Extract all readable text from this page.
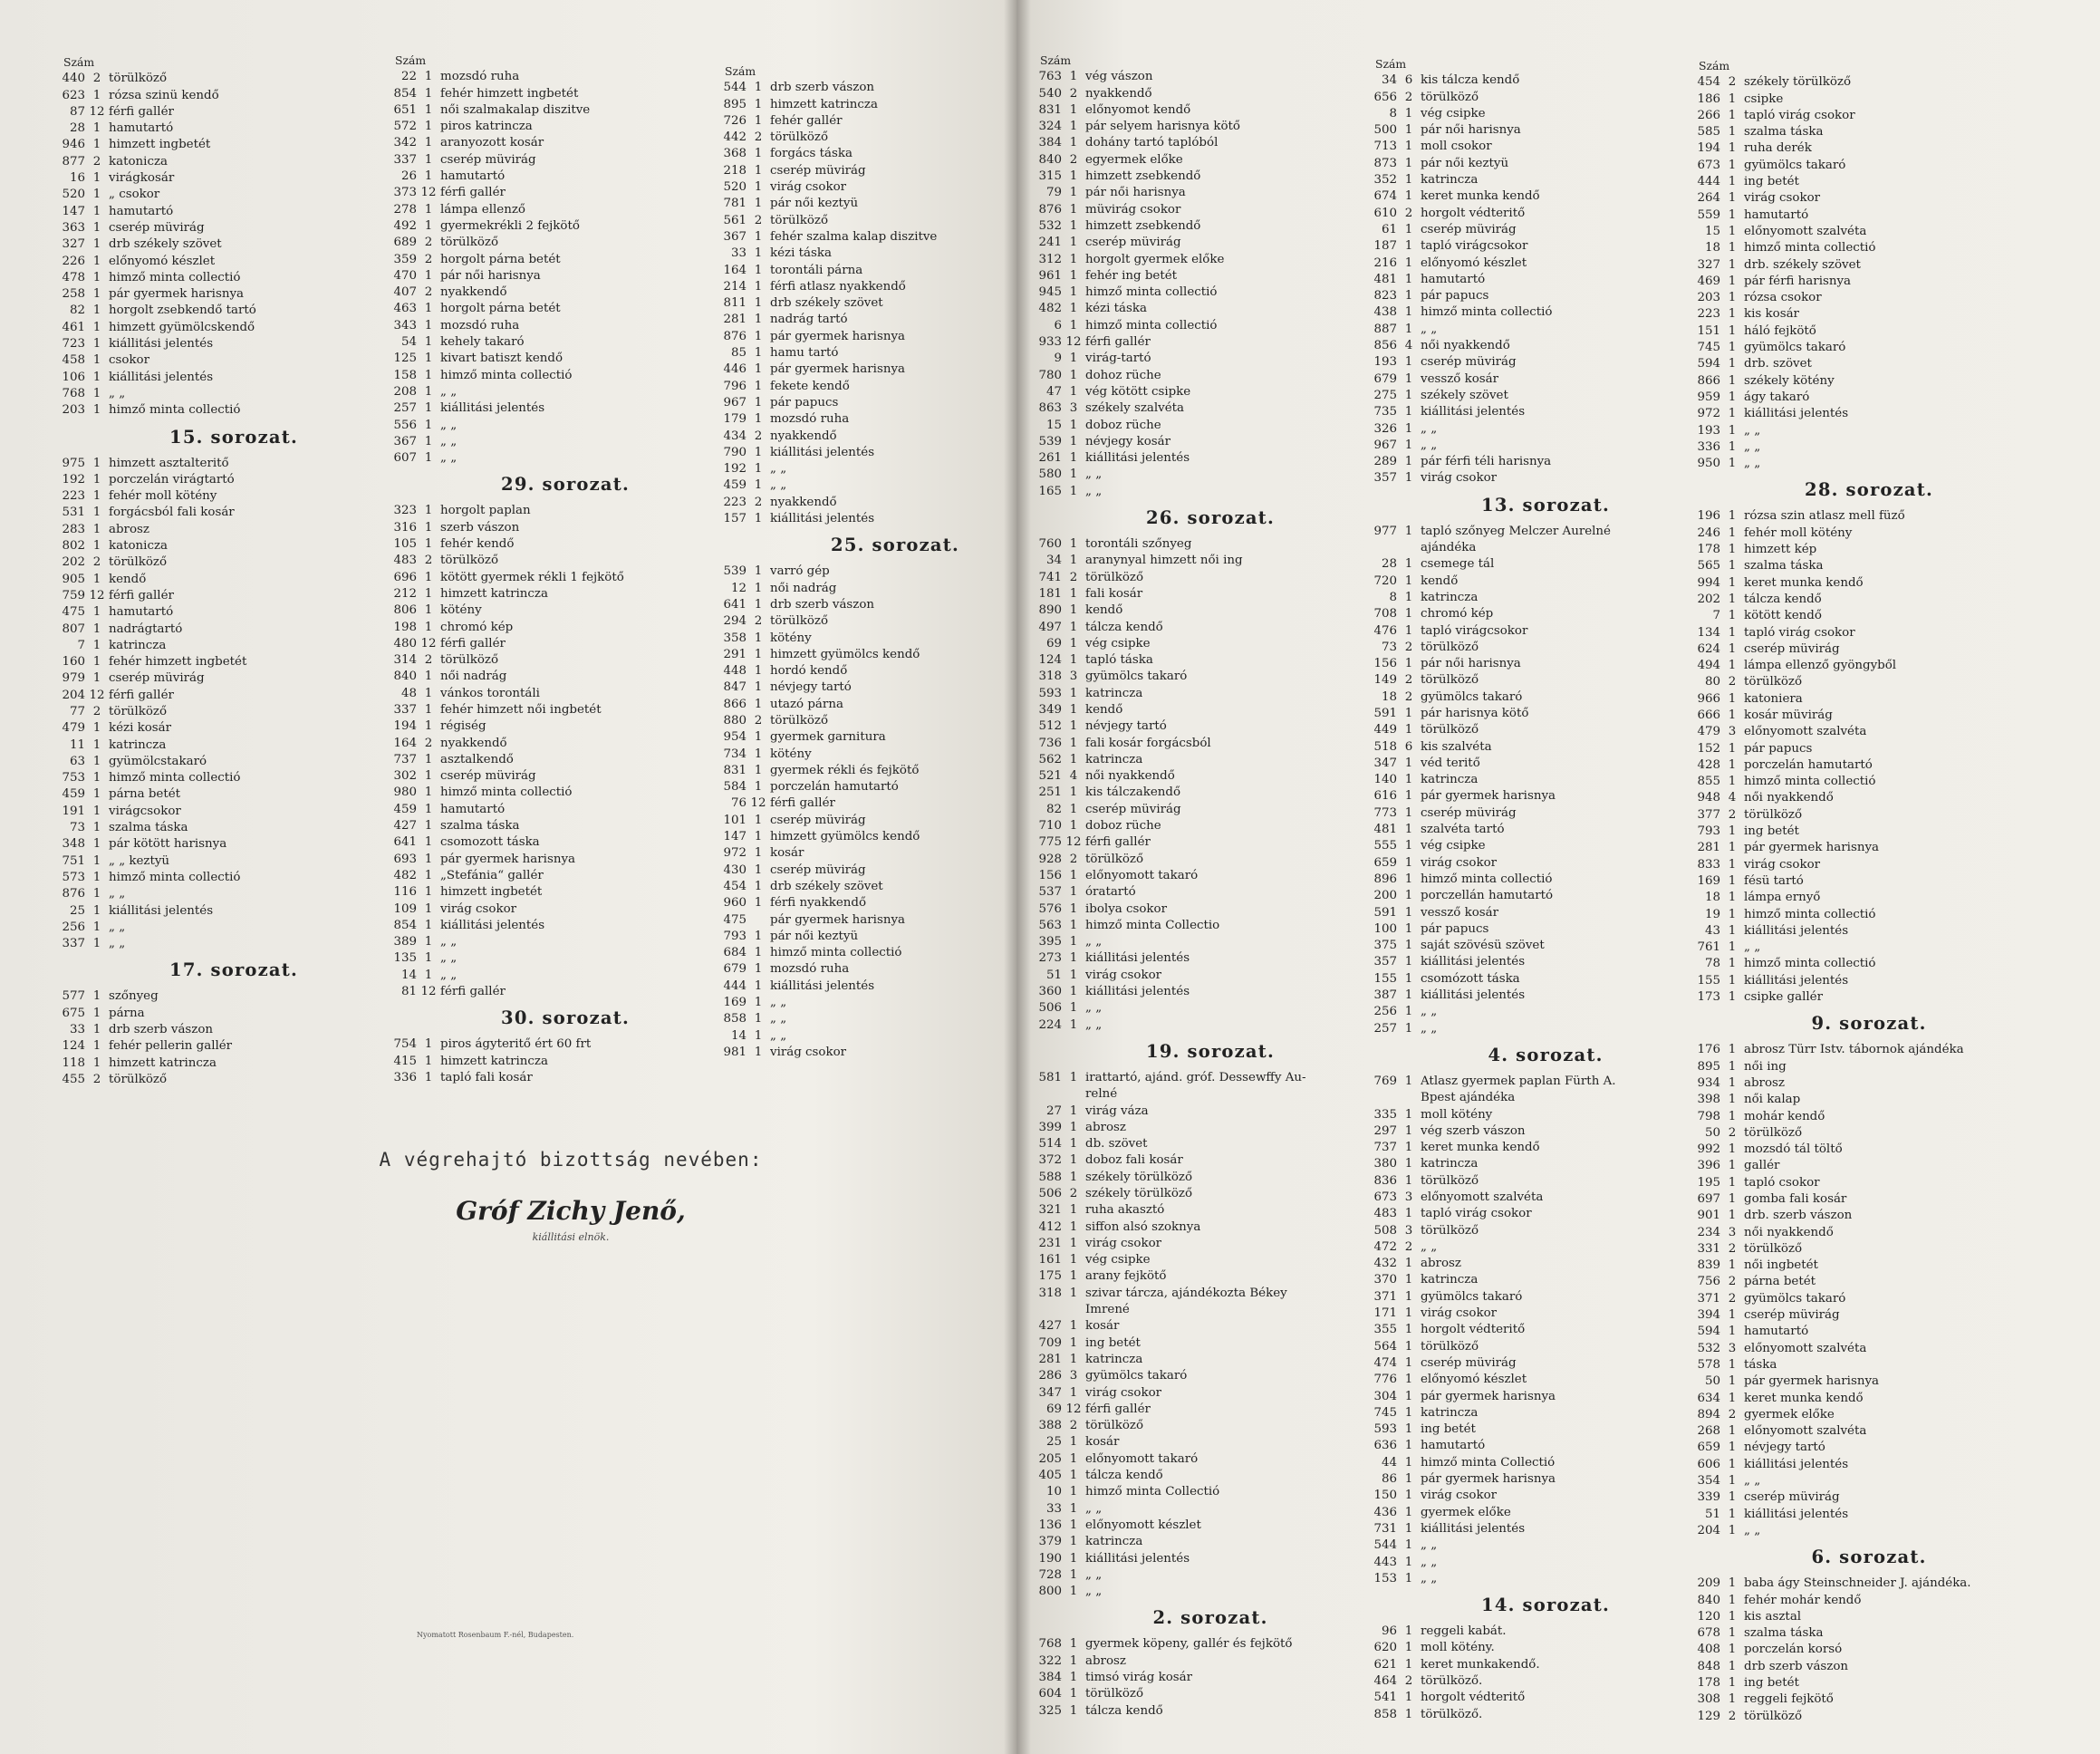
Szám
440 2 törülköző
623 1 rózsa szinü kendő
87 12 férfi gallér
28 1 hamutartó
946 1 himzett ingbetét
877 2 katonicza
16 1 virágkosár
520 1 „ csokor
147 1 hamutartó
363 1 cserép müvirág
327 1 drb székely szövet
226 1 előnyomó készlet
478 1 himző minta collectió
258 1 pár gyermek harisnya
82 1 horgolt zsebkendő tartó
461 1 himzett gyümölcskendő
723 1 kiállitási jelentés
458 1 csokor
106 1 kiállitási jelentés
768 1 „ „
203 1 himző minta collectió
15. sorozat.
975 1 himzett asztalteritő
192 1 porczelán virágtartó
223 1 fehér moll kötény
531 1 forgácsból fali kosár
283 1 abrosz
802 1 katonicza
202 2 törülköző
905 1 kendő
759 12 férfi gallér
475 1 hamutartó
807 1 nadrágtartó
7 1 katrincza
160 1 fehér himzett ingbetét
979 1 cserép müvirág
204 12 férfi gallér
77 2 törülköző
479 1 kézi kosár
11 1 katrincza
63 1 gyümölcstakaró
753 1 himző minta collectió
459 1 párna betét
191 1 virágcsokor
73 1 szalma táska
348 1 pár kötött harisnya
751 1 „ „ keztyü
573 1 himző minta collectió
876 1 „ „
25 1 kiállitási jelentés
256 1 „ „
337 1 „ „
17. sorozat.
577 1 szőnyeg
675 1 párna
33 1 drb szerb vászon
124 1 fehér pellerin gallér
118 1 himzett katrincza
455 2 törülköző
Szám
22 1 mozsdó ruha
854 1 fehér himzett ingbetét
651 1 női szalmakalap diszitve
572 1 piros katrincza
342 1 aranyozott kosár
337 1 cserép müvirág
26 1 hamutartó
373 12 férfi gallér
278 1 lámpa ellenző
492 1 gyermekrékli 2 fejkötő
689 2 törülköző
359 2 horgolt párna betét
470 1 pár női harisnya
407 2 nyakkendő
463 1 horgolt párna betét
343 1 mozsdó ruha
54 1 kehely takaró
125 1 kivart batiszt kendő
158 1 himző minta collectió
208 1 „ „
257 1 kiállitási jelentés
556 1 „ „
367 1 „ „
607 1 „ „
29. sorozat.
323 1 horgolt paplan
316 1 szerb vászon
105 1 fehér kendő
483 2 törülköző
696 1 kötött gyermek rékli 1 fejkötő
212 1 himzett katrincza
806 1 kötény
198 1 chromó kép
480 12 férfi gallér
314 2 törülköző
840 1 női nadrág
48 1 vánkos torontáli
337 1 fehér himzett női ingbetét
194 1 régiség
164 2 nyakkendő
737 1 asztalkendő
302 1 cserép müvirág
980 1 himző minta collectió
459 1 hamutartó
427 1 szalma táska
641 1 csomozott táska
693 1 pár gyermek harisnya
482 1 „Stefánia“ gallér
116 1 himzett ingbetét
109 1 virág csokor
854 1 kiállitási jelentés
389 1 „ „
135 1 „ „
14 1 „ „
81 12 férfi gallér
30. sorozat.
754 1 piros ágyteritő ért 60 frt
415 1 himzett katrincza
336 1 tapló fali kosár
Szám
544 1 drb szerb vászon
895 1 himzett katrincza
726 1 fehér gallér
442 2 törülköző
368 1 forgács táska
218 1 cserép müvirág
520 1 virág csokor
781 1 pár női keztyü
561 2 törülköző
367 1 fehér szalma kalap diszitve
33 1 kézi táska
164 1 torontáli párna
214 1 férfi atlasz nyakkendő
811 1 drb székely szövet
281 1 nadrág tartó
876 1 pár gyermek harisnya
85 1 hamu tartó
446 1 pár gyermek harisnya
796 1 fekete kendő
967 1 pár papucs
179 1 mozsdó ruha
434 2 nyakkendő
790 1 kiállitási jelentés
192 1 „ „
459 1 „ „
223 2 nyakkendő
157 1 kiállitási jelentés
25. sorozat.
539 1 varró gép
12 1 női nadrág
641 1 drb szerb vászon
294 2 törülköző
358 1 kötény
291 1 himzett gyümölcs kendő
448 1 hordó kendő
847 1 névjegy tartó
866 1 utazó párna
880 2 törülköző
954 1 gyermek garnitura
734 1 kötény
831 1 gyermek rékli és fejkötő
584 1 porczelán hamutartó
76 12 férfi gallér
101 1 cserép müvirág
147 1 himzett gyümölcs kendő
972 1 kosár
430 1 cserép müvirág
454 1 drb székely szövet
960 1 férfi nyakkendő
475 pár gyermek harisnya
793 1 pár női keztyü
684 1 himző minta collectió
679 1 mozsdó ruha
444 1 kiállitási jelentés
169 1 „ „
858 1 „ „
14 1 „ „
981 1 virág csokor
A végrehajtó bizottság nevében:
Gróf Zichy Jenő,
kiállitási elnök.
Nyomatott Rosenbaum F.-nél, Budapesten.
Szám
763 1 vég vászon
540 2 nyakkendő
831 1 előnyomot kendő
324 1 pár selyem harisnya kötő
384 1 dohány tartó taplóból
840 2 egyermek előke
315 1 himzett zsebkendő
79 1 pár női harisnya
876 1 müvirág csokor
532 1 himzett zsebkendő
241 1 cserép müvirág
312 1 horgolt gyermek előke
961 1 fehér ing betét
945 1 himző minta collectió
482 1 kézi táska
6 1 himző minta collectió
933 12 férfi gallér
9 1 virág-tartó
780 1 dohoz rüche
47 1 vég kötött csipke
863 3 székely szalvéta
15 1 doboz rüche
539 1 névjegy kosár
261 1 kiállitási jelentés
580 1 „ „
165 1 „ „
26. sorozat.
760 1 torontáli szőnyeg
34 1 aranynyal himzett női ing
741 2 törülköző
181 1 fali kosár
890 1 kendő
497 1 tálcza kendő
69 1 vég csipke
124 1 tapló táska
318 3 gyümölcs takaró
593 1 katrincza
349 1 kendő
512 1 névjegy tartó
736 1 fali kosár forgácsból
562 1 katrincza
521 4 női nyakkendő
251 1 kis tálczakendő
82 1 cserép müvirág
710 1 doboz rüche
775 12 férfi gallér
928 2 törülköző
156 1 előnyomott takaró
537 1 óratartó
576 1 ibolya csokor
563 1 himző minta Collectio
395 1 „ „
273 1 kiállitási jelentés
51 1 virág csokor
360 1 kiállitási jelentés
506 1 „ „
224 1 „ „
19. sorozat.
581 1 irattartó, ajánd. gróf. Dessewffy Au-
relné
27 1 virág váza
399 1 abrosz
514 1 db. szövet
372 1 doboz fali kosár
588 1 székely törülköző
506 2 székely törülköző
321 1 ruha akasztó
412 1 siffon alsó szoknya
231 1 virág csokor
161 1 vég csipke
175 1 arany fejkötő
318 1 szivar tárcza, ajándékozta Békey
Imrené
427 1 kosár
709 1 ing betét
281 1 katrincza
286 3 gyümölcs takaró
347 1 virág csokor
69 12 férfi gallér
388 2 törülköző
25 1 kosár
205 1 előnyomott takaró
405 1 tálcza kendő
10 1 himző minta Collectió
33 1 „ „
136 1 előnyomott készlet
379 1 katrincza
190 1 kiállitási jelentés
728 1 „ „
800 1 „ „
2. sorozat.
768 1 gyermek köpeny, gallér és fejkötő
322 1 abrosz
384 1 timsó virág kosár
604 1 törülköző
325 1 tálcza kendő
Szám
34 6 kis tálcza kendő
656 2 törülköző
8 1 vég csipke
500 1 pár női harisnya
713 1 moll csokor
873 1 pár női keztyü
352 1 katrincza
674 1 keret munka kendő
610 2 horgolt védteritő
61 1 cserép müvirág
187 1 tapló virágcsokor
216 1 előnyomó készlet
481 1 hamutartó
823 1 pár papucs
438 1 himző minta collectió
887 1 „ „
856 4 női nyakkendő
193 1 cserép müvirág
679 1 vessző kosár
275 1 székely szövet
735 1 kiállitási jelentés
326 1 „ „
967 1 „ „
289 1 pár férfi téli harisnya
357 1 virág csokor
13. sorozat.
977 1 tapló szőnyeg Melczer Aurelné
ajándéka
28 1 csemege tál
720 1 kendő
8 1 katrincza
708 1 chromó kép
476 1 tapló virágcsokor
73 2 törülköző
156 1 pár női harisnya
149 2 törülköző
18 2 gyümölcs takaró
591 1 pár harisnya kötő
449 1 törülköző
518 6 kis szalvéta
347 1 véd teritő
140 1 katrincza
616 1 pár gyermek harisnya
773 1 cserép müvirág
481 1 szalvéta tartó
555 1 vég csipke
659 1 virág csokor
896 1 himző minta collectió
200 1 porczellán hamutartó
591 1 vessző kosár
100 1 pár papucs
375 1 saját szövésü szövet
357 1 kiállitási jelentés
155 1 csomózott táska
387 1 kiállitási jelentés
256 1 „ „
257 1 „ „
4. sorozat.
769 1 Atlasz gyermek paplan Fürth A.
Bpest ajándéka
335 1 moll kötény
297 1 vég szerb vászon
737 1 keret munka kendő
380 1 katrincza
836 1 törülköző
673 3 előnyomott szalvéta
483 1 tapló virág csokor
508 3 törülköző
472 2 „ „
432 1 abrosz
370 1 katrincza
371 1 gyümölcs takaró
171 1 virág csokor
355 1 horgolt védteritő
564 1 törülköző
474 1 cserép müvirág
776 1 előnyomó készlet
304 1 pár gyermek harisnya
745 1 katrincza
593 1 ing betét
636 1 hamutartó
44 1 himző minta Collectió
86 1 pár gyermek harisnya
150 1 virág csokor
436 1 gyermek előke
731 1 kiállitási jelentés
544 1 „ „
443 1 „ „
153 1 „ „
14. sorozat.
96 1 reggeli kabát.
620 1 moll kötény.
621 1 keret munkakendő.
464 2 törülköző.
541 1 horgolt védteritő
858 1 törülköző.
Szám
454 2 székely törülköző
186 1 csipke
266 1 tapló virág csokor
585 1 szalma táska
194 1 ruha derék
673 1 gyümölcs takaró
444 1 ing betét
264 1 virág csokor
559 1 hamutartó
15 1 előnyomott szalvéta
18 1 himző minta collectió
327 1 drb. székely szövet
469 1 pár férfi harisnya
203 1 rózsa csokor
223 1 kis kosár
151 1 háló fejkötő
745 1 gyümölcs takaró
594 1 drb. szövet
866 1 székely kötény
959 1 ágy takaró
972 1 kiállitási jelentés
193 1 „ „
336 1 „ „
950 1 „ „
28. sorozat.
196 1 rózsa szin atlasz mell füző
246 1 fehér moll kötény
178 1 himzett kép
565 1 szalma táska
994 1 keret munka kendő
202 1 tálcza kendő
7 1 kötött kendő
134 1 tapló virág csokor
624 1 cserép müvirág
494 1 lámpa ellenző gyöngyből
80 2 törülköző
966 1 katoniera
666 1 kosár müvirág
479 3 előnyomott szalvéta
152 1 pár papucs
428 1 porczelán hamutartó
855 1 himző minta collectió
948 4 női nyakkendő
377 2 törülköző
793 1 ing betét
281 1 pár gyermek harisnya
833 1 virág csokor
169 1 fésü tartó
18 1 lámpa ernyő
19 1 himző minta collectió
43 1 kiállitási jelentés
761 1 „ „
78 1 himző minta collectió
155 1 kiállitási jelentés
173 1 csipke gallér
9. sorozat.
176 1 abrosz Türr Istv. tábornok ajándéka
895 1 női ing
934 1 abrosz
398 1 női kalap
798 1 mohár kendő
50 2 törülköző
992 1 mozsdó tál töltő
396 1 gallér
195 1 tapló csokor
697 1 gomba fali kosár
901 1 drb. szerb vászon
234 3 női nyakkendő
331 2 törülköző
839 1 női ingbetét
756 2 párna betét
371 2 gyümölcs takaró
394 1 cserép müvirág
594 1 hamutartó
532 3 előnyomott szalvéta
578 1 táska
50 1 pár gyermek harisnya
634 1 keret munka kendő
894 2 gyermek előke
268 1 előnyomott szalvéta
659 1 névjegy tartó
606 1 kiállitási jelentés
354 1 „ „
339 1 cserép müvirág
51 1 kiállitási jelentés
204 1 „ „
6. sorozat.
209 1 baba ágy Steinschneider J. ajándéka.
840 1 fehér mohár kendő
120 1 kis asztal
678 1 szalma táska
408 1 porczelán korsó
848 1 drb szerb vászon
178 1 ing betét
308 1 reggeli fejkötő
129 2 törülköző
